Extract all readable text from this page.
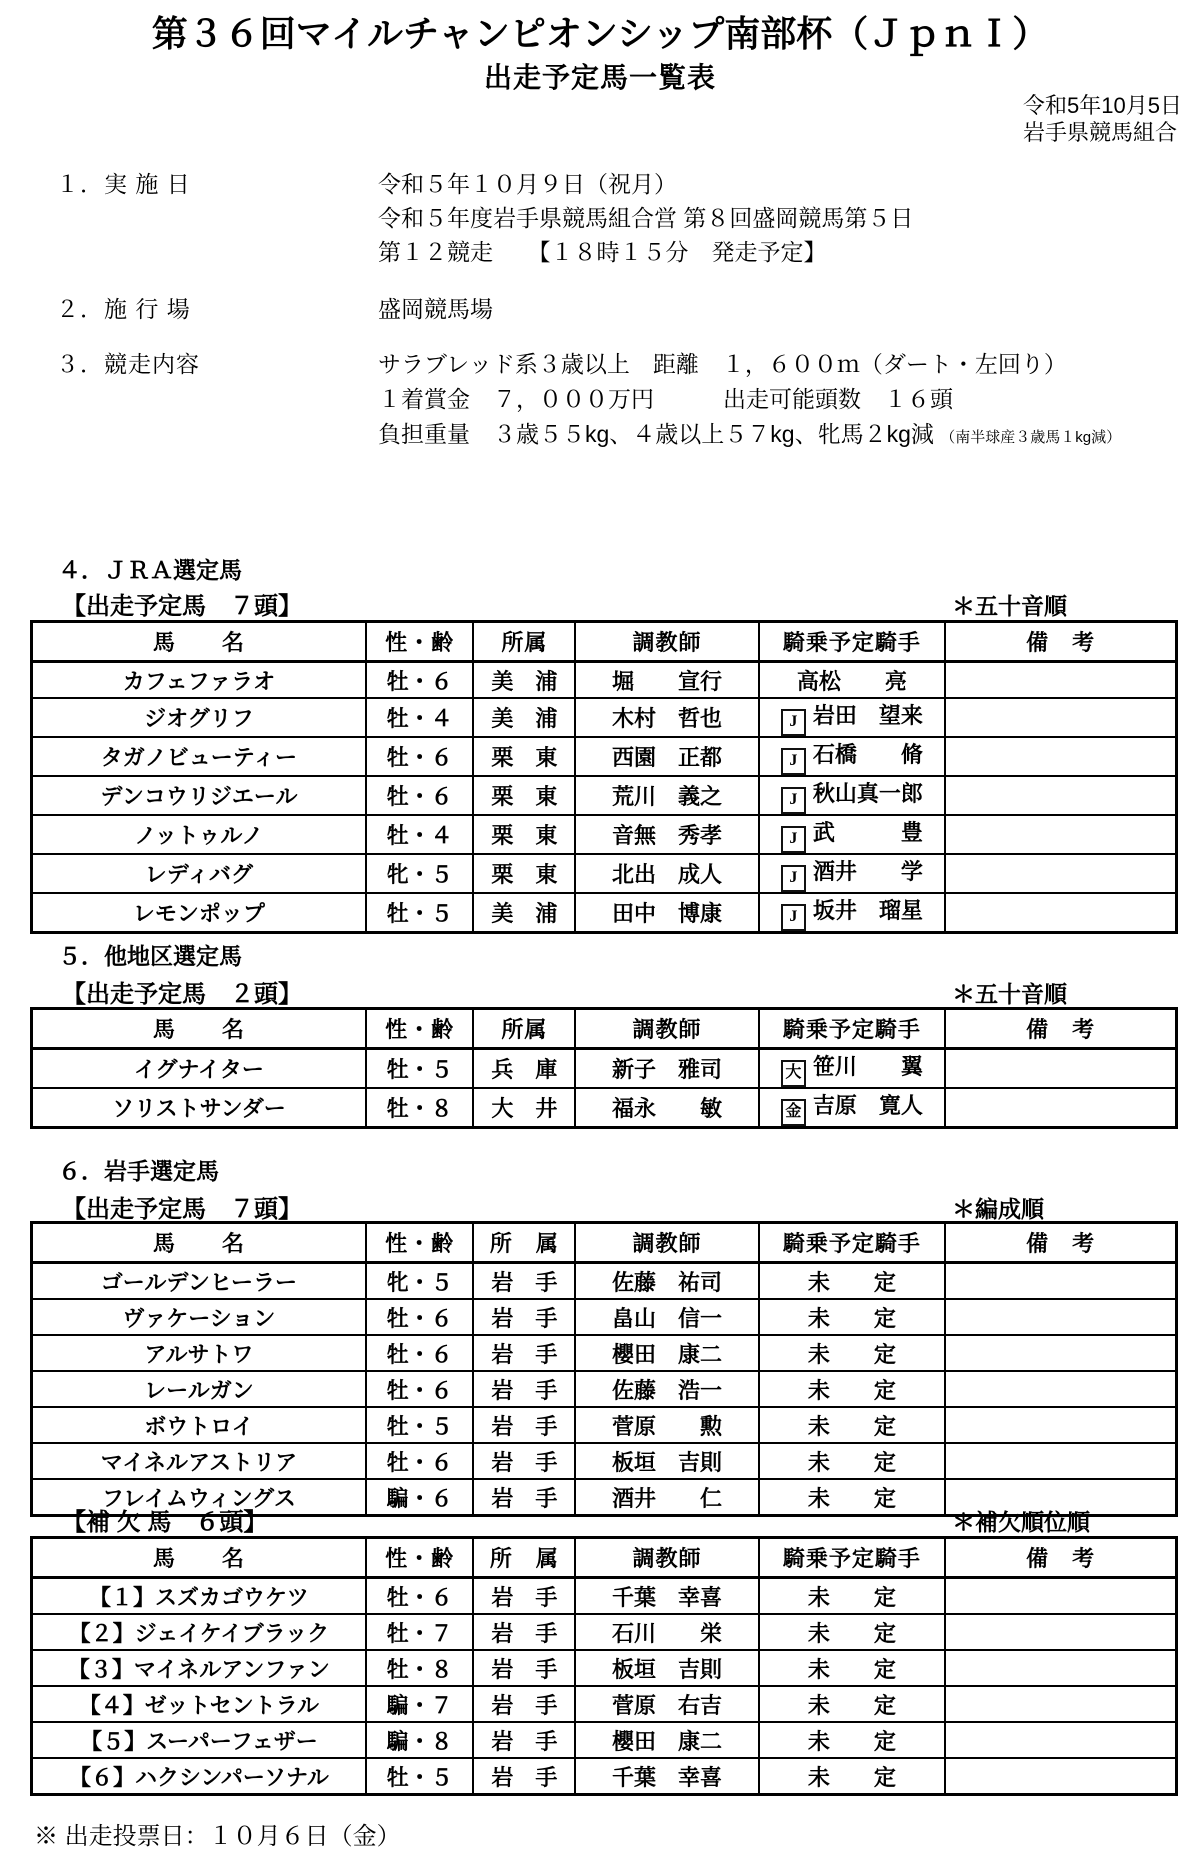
第３６回マイルチャンピオンシップ南部杯（ＪｐｎＩ）
出走予定馬一覧表
令和5年10月5日
岩手県競馬組合
１．実 施 日	令和５年１０月９日（祝月）
令和５年度岩手県競馬組合営 第８回盛岡競馬第５日
第１２競走　　【１８時１５分　発走予定】
２．施 行 場	盛岡競馬場
３．競走内容	サラブレッド系３歳以上　距離　１，６００ｍ（ダート・左回り）
１着賞金　７，０００万円　　　出走可能頭数　１６頭
負担重量　３歳５５kg、４歳以上５７kg、牝馬２kg減 （南半球産３歳馬１kg減）
４．ＪＲＡ選定馬
【出走予定馬　７頭】	＊五十音順
馬　　名	性・齢	所属	調教師	騎乗予定騎手	備　考
カフェファラオ	牡・６	美　浦	堀　　宣行	高松　　亮	
ジオグリフ	牡・４	美　浦	木村　哲也	J 岩田　望来	
タガノビューティー	牡・６	栗　東	西園　正都	J 石橋　　脩	
デンコウリジエール	牡・６	栗　東	荒川　義之	J 秋山真一郎	
ノットゥルノ	牡・４	栗　東	音無　秀孝	J 武　　　豊	
レディバグ	牝・５	栗　東	北出　成人	J 酒井　　学	
レモンポップ	牡・５	美　浦	田中　博康	J 坂井　瑠星	
５．他地区選定馬
【出走予定馬　２頭】	＊五十音順
馬　　名	性・齢	所属	調教師	騎乗予定騎手	備　考
イグナイター	牡・５	兵　庫	新子　雅司	大 笹川　　翼	
ソリストサンダー	牡・８	大　井	福永　　敏	金 吉原　寛人	
６．岩手選定馬
【出走予定馬　７頭】	＊編成順
馬　　名	性・齢	所　属	調教師	騎乗予定騎手	備　考
ゴールデンヒーラー	牝・５	岩　手	佐藤　祐司	未　　定	
ヴァケーション	牡・６	岩　手	畠山　信一	未　　定	
アルサトワ	牡・６	岩　手	櫻田　康二	未　　定	
レールガン	牡・６	岩　手	佐藤　浩一	未　　定	
ボウトロイ	牡・５	岩　手	菅原　　勲	未　　定	
マイネルアストリア	牡・６	岩　手	板垣　吉則	未　　定	
フレイムウィングス	騙・６	岩　手	酒井　　仁	未　　定	
【補 欠 馬　６頭】	＊補欠順位順
馬　　名	性・齢	所　属	調教師	騎乗予定騎手	備　考
【１】スズカゴウケツ	牡・６	岩　手	千葉　幸喜	未　　定	
【２】ジェイケイブラック	牡・７	岩　手	石川　　栄	未　　定	
【３】マイネルアンファン	牡・８	岩　手	板垣　吉則	未　　定	
【４】ゼットセントラル	騙・７	岩　手	菅原　右吉	未　　定	
【５】スーパーフェザー	騙・８	岩　手	櫻田　康二	未　　定	
【６】ハクシンパーソナル	牡・５	岩　手	千葉　幸喜	未　　定	
※ 出走投票日：１０月６日（金）
